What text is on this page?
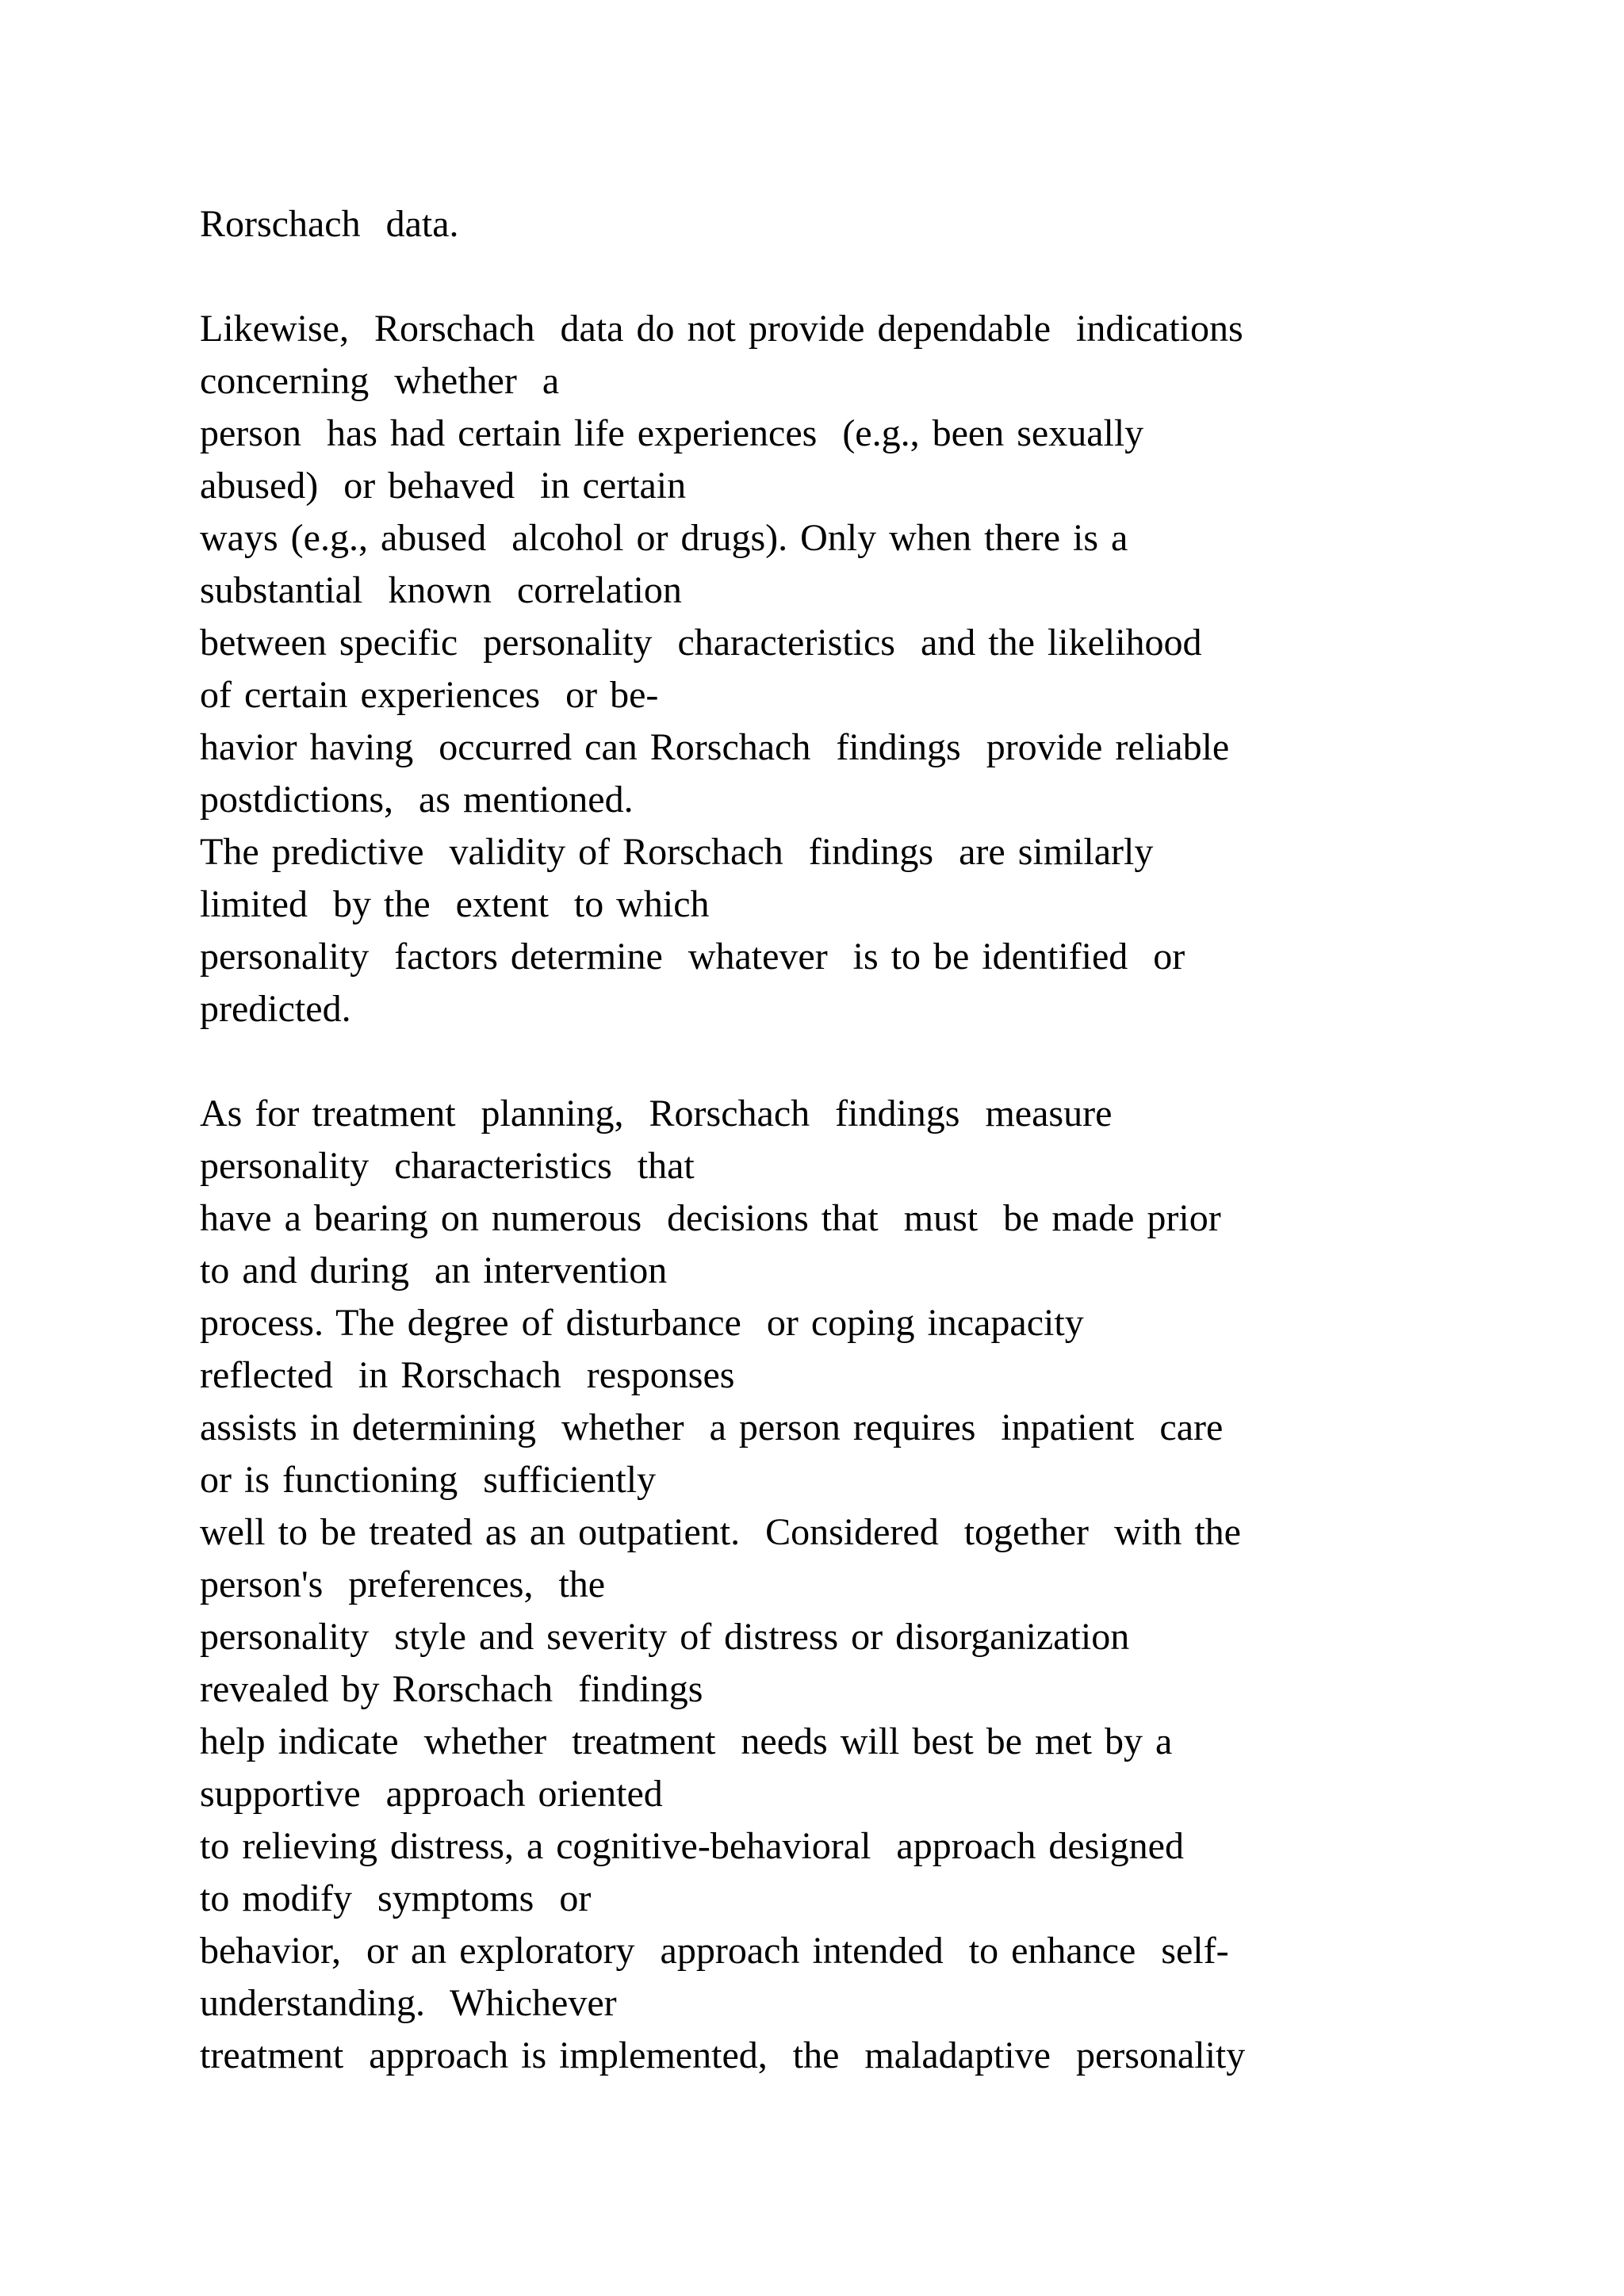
Rorschach  data.
Likewise,  Rorschach  data do not provide dependable  indications
concerning  whether  a
person  has had certain life experiences  (e.g., been sexually
abused)  or behaved  in certain
ways (e.g., abused  alcohol or drugs). Only when there is a
substantial  known  correlation
between specific  personality  characteristics  and the likelihood
of certain experiences  or be-
havior having  occurred can Rorschach  findings  provide reliable
postdictions,  as mentioned.
The predictive  validity of Rorschach  findings  are similarly
limited  by the  extent  to which
personality  factors determine  whatever  is to be identified  or
predicted.
As for treatment  planning,  Rorschach  findings  measure
personality  characteristics  that
have a bearing on numerous  decisions that  must  be made prior
to and during  an intervention
process. The degree of disturbance  or coping incapacity
reflected  in Rorschach  responses
assists in determining  whether  a person requires  inpatient  care
or is functioning  sufficiently
well to be treated as an outpatient.  Considered  together  with the
person's  preferences,  the
personality  style and severity of distress or disorganization
revealed by Rorschach  findings
help indicate  whether  treatment  needs will best be met by a
supportive  approach oriented
to relieving distress, a cognitive-behavioral  approach designed
to modify  symptoms  or
behavior,  or an exploratory  approach intended  to enhance  self-
understanding.  Whichever
treatment  approach is implemented,  the  maladaptive  personality
